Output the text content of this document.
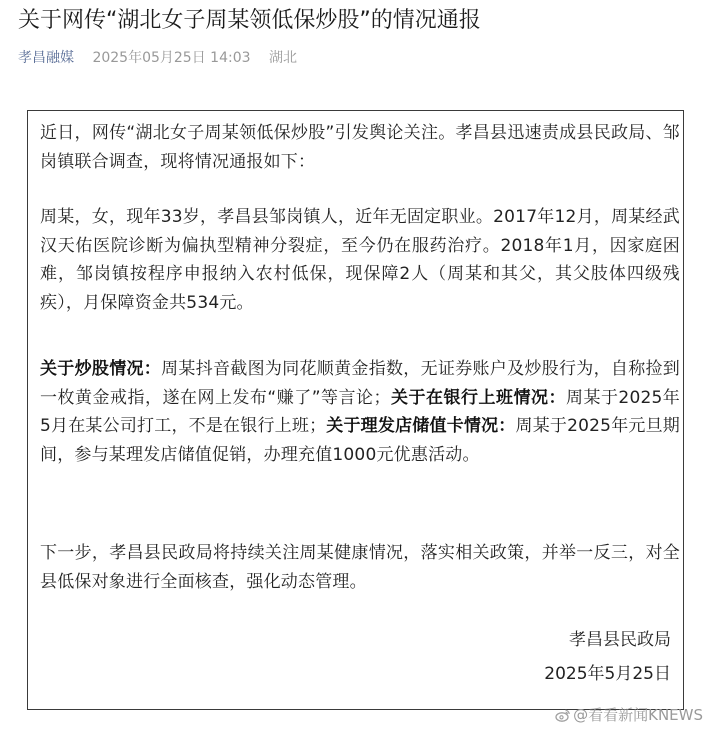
关于网传“湖北女子周某领低保炒股”的情况通报
孝昌融媒 2025年05月25日 14:03 湖北

近日，网传“湖北女子周某领低保炒股”引发舆论关注。孝昌县迅速责成县民政局、邹岗镇联合调查，现将情况通报如下：

周某，女，现年33岁，孝昌县邹岗镇人，近年无固定职业。2017年12月，周某经武汉天佑医院诊断为偏执型精神分裂症，至今仍在服药治疗。2018年1月，因家庭困难，邹岗镇按程序申报纳入农村低保，现保障2人（周某和其父，其父肢体四级残疾），月保障资金共534元。

关于炒股情况：周某抖音截图为同花顺黄金指数，无证券账户及炒股行为，自称捡到一枚黄金戒指，遂在网上发布“赚了”等言论；关于在银行上班情况：周某于2025年5月在某公司打工，不是在银行上班；关于理发店储值卡情况：周某于2025年元旦期间，参与某理发店储值促销，办理充值1000元优惠活动。

下一步，孝昌县民政局将持续关注周某健康情况，落实相关政策，并举一反三，对全县低保对象进行全面核查，强化动态管理。

孝昌县民政局
2025年5月25日
@看看新闻KNEWS
